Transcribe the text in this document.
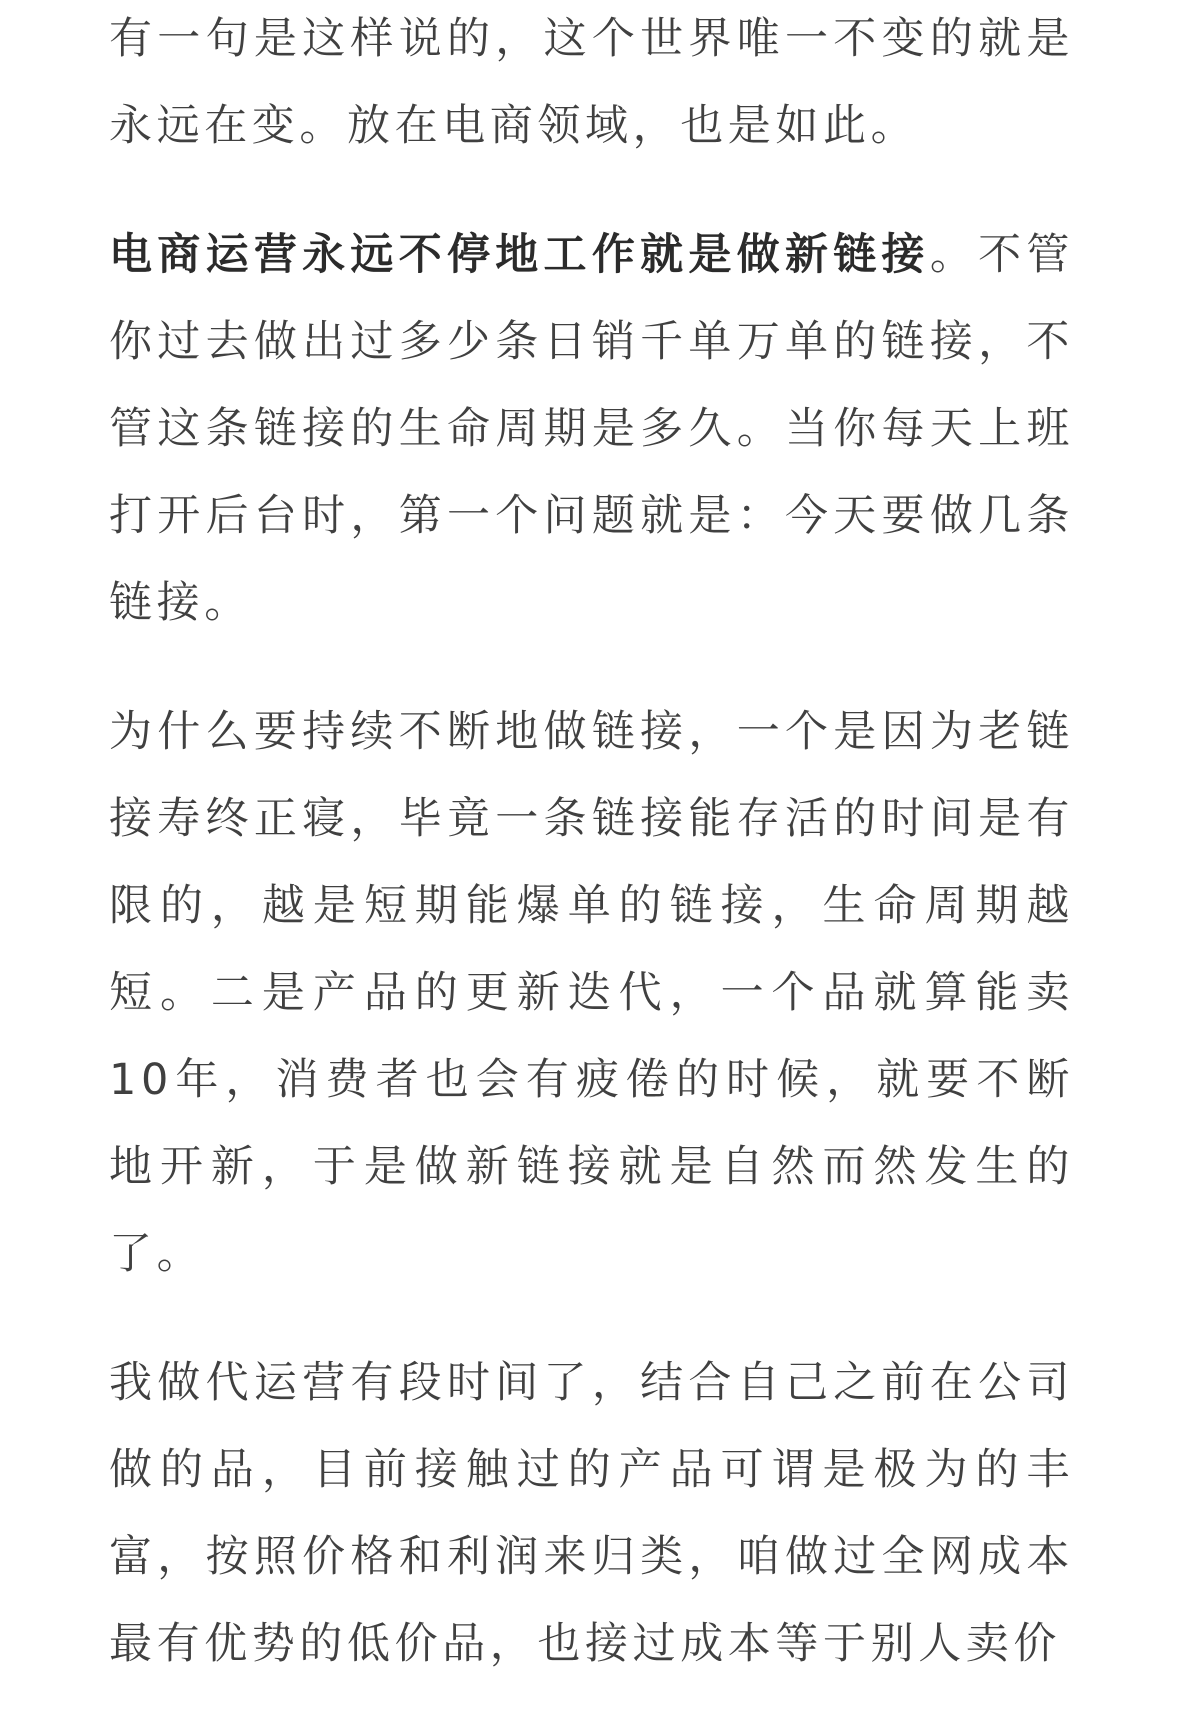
有一句是这样说的，这个世界唯一不变的就是永远在变。放在电商领域，也是如此。

电商运营永远不停地工作就是做新链接。不管你过去做出过多少条日销千单万单的链接，不管这条链接的生命周期是多久。当你每天上班打开后台时，第一个问题就是：今天要做几条链接。

为什么要持续不断地做链接，一个是因为老链接寿终正寝，毕竟一条链接能存活的时间是有限的，越是短期能爆单的链接，生命周期越短。二是产品的更新迭代，一个品就算能卖10年，消费者也会有疲倦的时候，就要不断地开新，于是做新链接就是自然而然发生的了。

我做代运营有段时间了，结合自己之前在公司做的品，目前接触过的产品可谓是极为的丰富，按照价格和利润来归类，咱做过全网成本最有优势的低价品，也接过成本等于别人卖价
